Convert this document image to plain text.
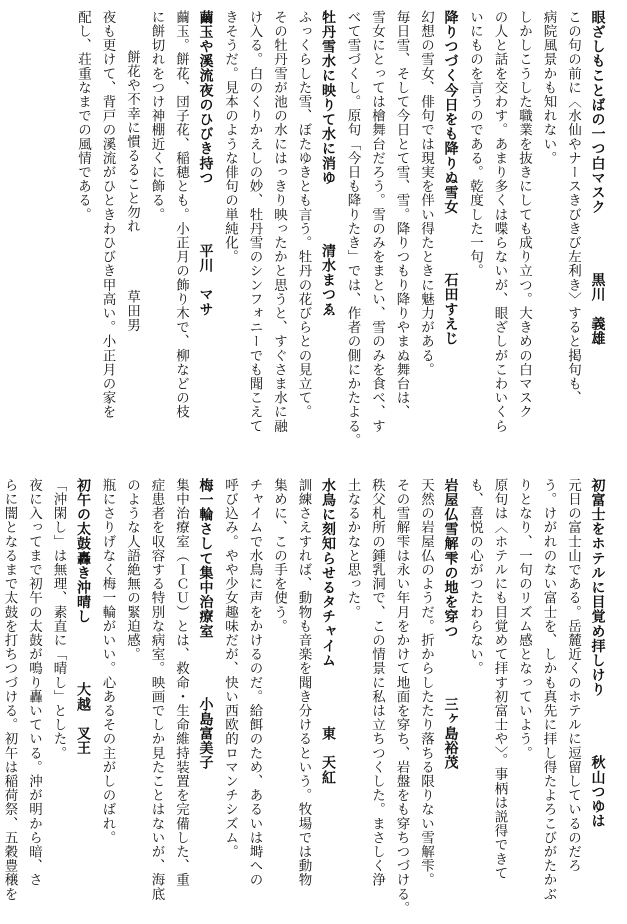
眼ざしもことばの一つ白マスク　　　　黒川　義雄
この句の前に〈水仙やナースきびきび左利き〉すると掲句も、
病院風景かも知れない。
しかしこうした職業を抜きにしても成り立つ。大きめの白マスク
の人と話を交わす。あまり多くは喋らないが、眼ざしがこわいくら
いにものを言うのである。乾度した一句。
降りつづく今日をも降りぬ雪女　　　　石田すえじ
幻想の雪女、俳句では現実を伴い得たときに魅力がある。
毎日雪、そして今日とて雪、雪。降りつもり降りやまぬ舞台は、
雪女にとっては檜舞台だろう。雪のみをまとい、雪のみを食べ、す
べて雪づくし。原句「今日も降りたき」では、作者の側にかたよる。
牡丹雪水に映りて水に消ゆ　　　　清水まつゑ
ふっくらした雪、ぼたゆきとも言う。牡丹の花びらとの見立て。
その牡丹雪が池の水にはっきり映ったかと思うと、すぐさま水に融
け入る。白のくりかえしの妙、牡丹雪のシンフォニーでも聞こえて
きそうだ。見本のような俳句の単純化。
繭玉や溪流夜のひびき持つ　　　　平川　マサ
繭玉。餅花、団子花、稲穂とも。小正月の飾り木で、柳などの枝
に餅切れをつけ神棚近くに飾る。
餅花や不幸に慣るること勿れ　　　　草田男
夜も更けて、背戸の溪流がひときわひびき甲高い。小正月の家を
配し、荘重なまでの風情である。
初富士をホテルに目覚め拝しけり　　　　秋山つゆは
元日の富士山である。岳麓近くのホテルに逗留しているのだろ
う。けがれのない富士を、しかも真先に拝し得たよろこびがたかぶ
りとなり、一句のリズム感となっていよう。
原句は〈ホテルにも目覚めて拝す初富士や〉。事柄は説得できて
も、喜悦の心がつたわらない。
岩屋仏雪解雫の地を穿つ　　　　三ヶ島裕茂
天然の岩屋仏のようだ。折からしたたり落ちる限りない雪解雫。
その雪解雫は永い年月をかけて地面を穿ち、岩盤をも穿ちつづける。
秩父札所の鍾乳洞で、この情景に私は立ちつくした。まさしく浄
土なるかなと思った。
水鳥に刻知らせるタチャイム　　　　東　天紅
訓練さえすれば、動物も音楽を聞き分けるという。牧場では動物
集めに、この手を使う。
チャイムで水鳥に声をかけるのだ。給餌のため、あるいは塒への
呼び込み。やや少女趣味だが、快い西欧的ロマンチシズム。
梅一輪さして集中治療室　　　　小島富美子
集中治療室（ＩＣＵ）とは、救命・生命維持装置を完備した、重
症患者を収容する特別な病室。映画でしか見たことはないが、海底
のような人語絶無の緊迫感。
瓶にさりげなく梅一輪がいい。心あるその主がしのばれ。
初午の太鼓轟き沖晴し　　　　大越　叉王
「沖閑し」は無理、素直に「晴し」とした。
夜に入ってまで初午の太鼓が鳴り轟いている。沖が明から暗、さ
らに闇となるまで太鼓を打ちつづける。初午は稲荷祭、五穀豊穣を
